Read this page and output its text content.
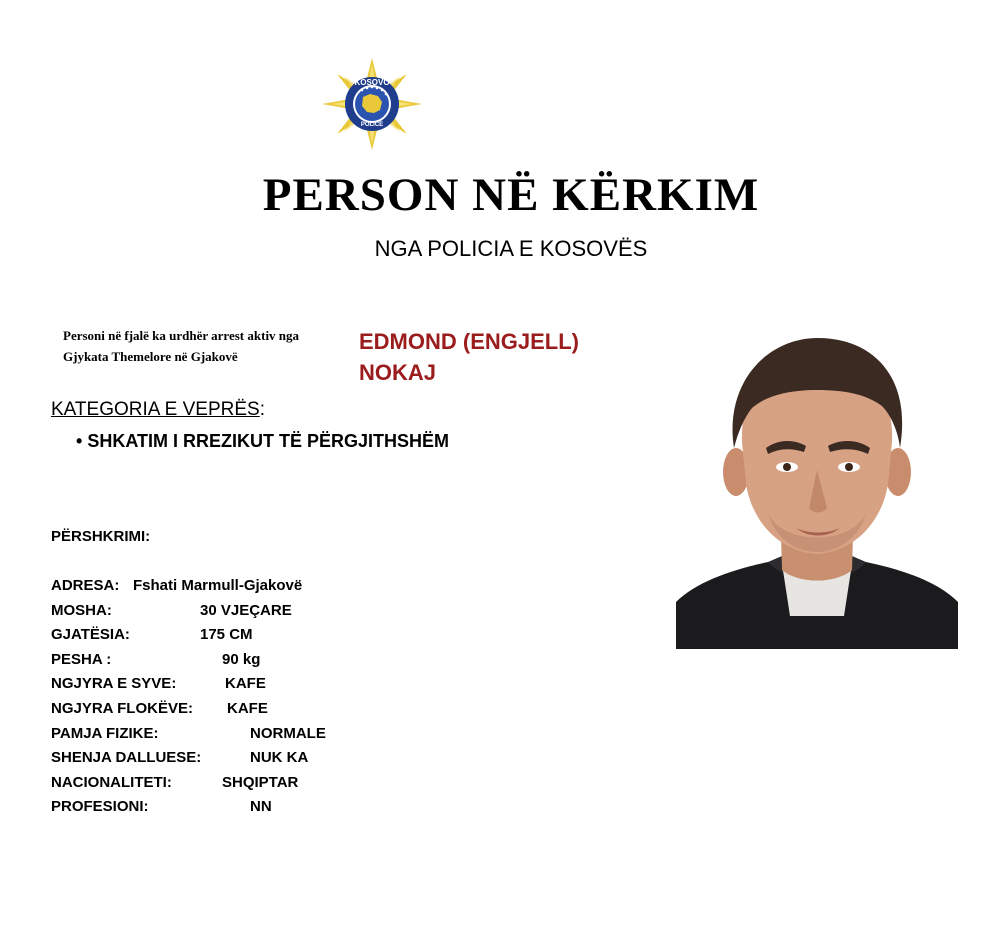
KOSOVO
POLICE
PERSON NË KËRKIM
NGA POLICIA E KOSOVËS
Personi në fjalë ka urdhër arrest aktiv nga
Gjykata Themelore në Gjakovë
EDMOND (ENGJELL)
NOKAJ
KATEGORIA E VEPRËS:
• SHKATIM I RREZIKUT TË PËRGJITHSHËM
PËRSHKRIMI:
ADRESA: Fshati Marmull-Gjakovë
MOSHA:	30 VJEÇARE
GJATËSIA:	175 CM
PESHA :	90 kg
NGJYRA E SYVE:	KAFE
NGJYRA FLOKËVE: KAFE
PAMJA FIZIKE:	NORMALE
SHENJA DALLUESE:	NUK KA
NACIONALITETI:	SHQIPTAR
PROFESIONI:	NN
